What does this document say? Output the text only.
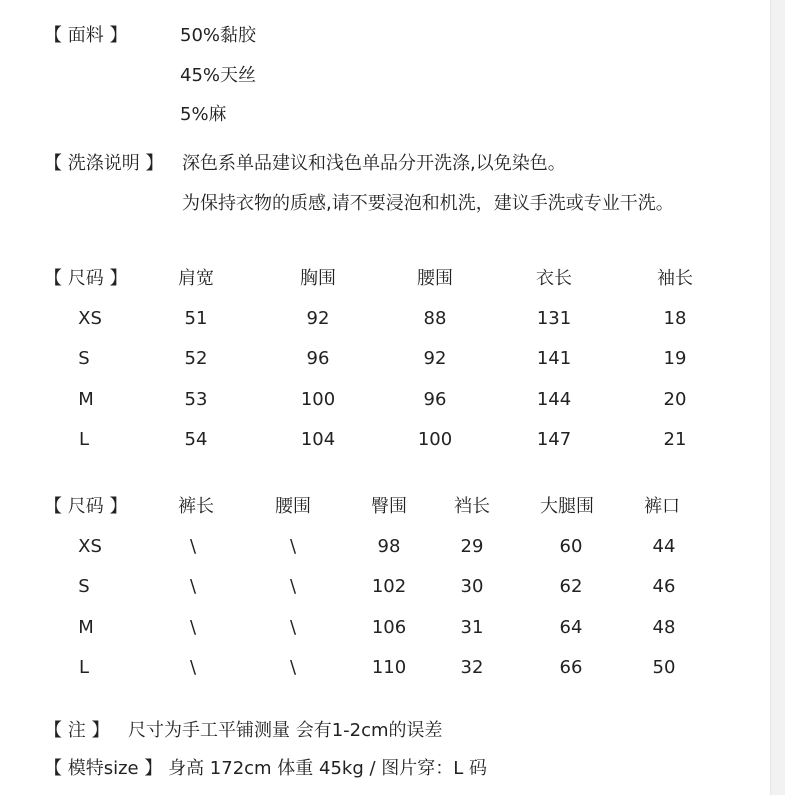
【 面料 】	50%黏胶
45%天丝
5%麻
【 洗涤说明 】 深色系单品建议和浅色单品分开洗涤,以免染色。
为保持衣物的质感,请不要浸泡和机洗，建议手洗或专业干洗。
【 尺码 】	肩宽	胸围	腰围	衣长	袖长
XS	51	92	88	131	18
S	52	96	92	141	19
M	53	100	96	144	20
L	54	104	100	147	21
【 尺码 】	裤长	腰围	臀围	裆长	大腿围	裤口
XS	\	\	98	29	60	44
S	\	\	102	30	62	46
M	\	\	106	31	64	48
L	\	\	110	32	66	50
【 注 】 尺寸为手工平铺测量 会有1-2cm的误差
【 模特size 】 身高 172cm 体重 45kg / 图片穿：L 码
